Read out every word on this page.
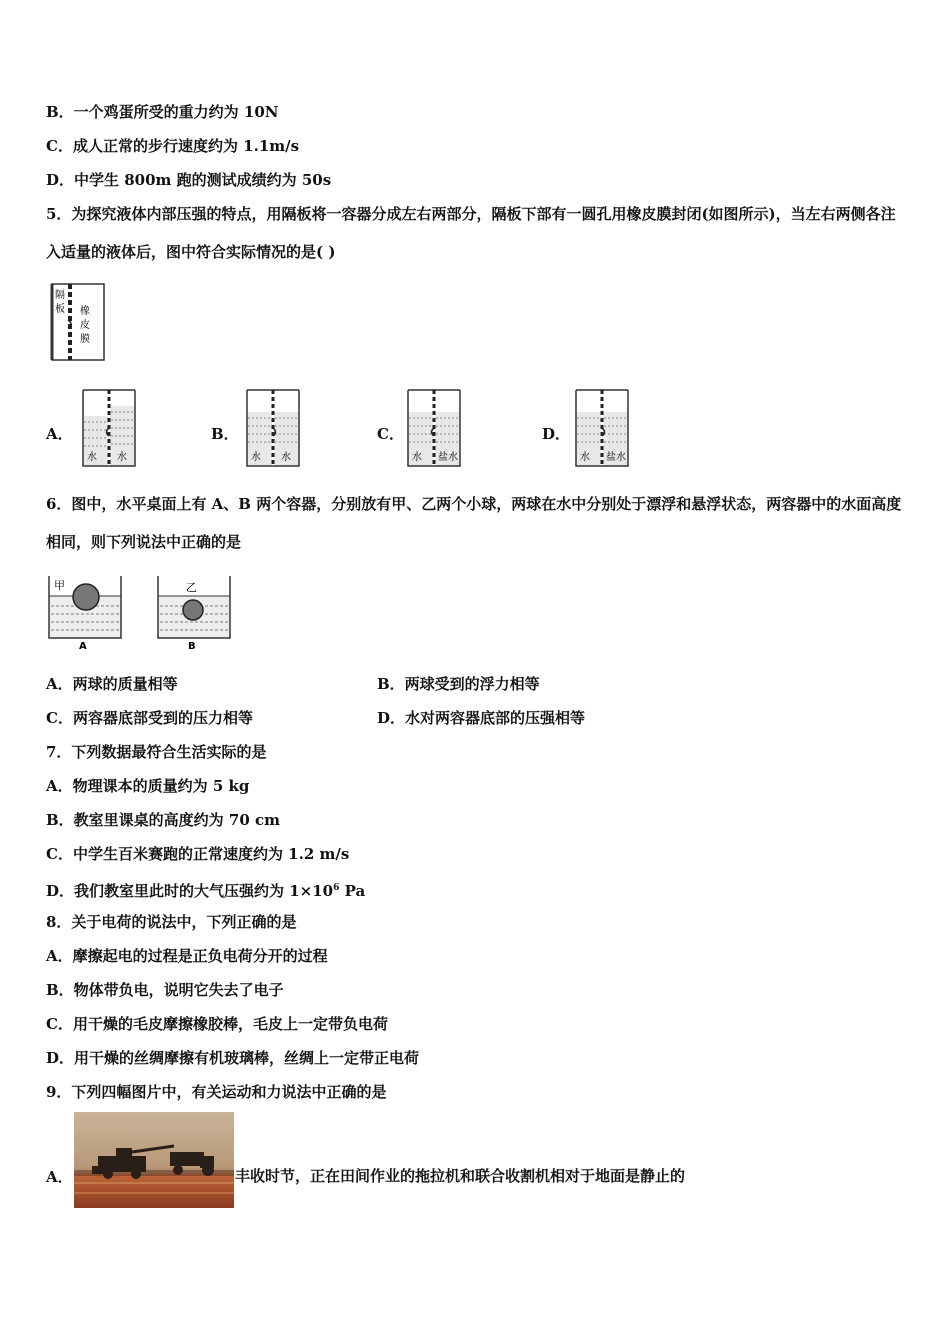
B．一个鸡蛋所受的重力约为 10N
C．成人正常的步行速度约为 1.1m/s
D．中学生 800m 跑的测试成绩约为 50s
5．为探究液体内部压强的特点，用隔板将一容器分成左右两部分，隔板下部有一圆孔用橡皮膜封闭(如图所示)，当左右两侧各注入适量的液体后，图中符合实际情况的是( )
隔
板 橡
皮
膜
A．
水 水
B．
水 水
C．
水 盐水
D．
水 盐水
6．图中，水平桌面上有 A、B 两个容器，分别放有甲、乙两个小球，两球在水中分别处于漂浮和悬浮状态，两容器中的水面高度相同，则下列说法中正确的是
甲
A
乙
B
A．两球的质量相等	B．两球受到的浮力相等
C．两容器底部受到的压力相等	D．水对两容器底部的压强相等
7．下列数据最符合生活实际的是
A．物理课本的质量约为 5 kg
B．教室里课桌的高度约为 70 cm
C．中学生百米赛跑的正常速度约为 1.2 m/s
D．我们教室里此时的大气压强约为 $1\times 10^6$ Pa
8．关于电荷的说法中，下列正确的是
A．摩擦起电的过程是正负电荷分开的过程
B．物体带负电，说明它失去了电子
C．用干燥的毛皮摩擦橡胶棒，毛皮上一定带负电荷
D．用干燥的丝绸摩擦有机玻璃棒，丝绸上一定带正电荷
9．下列四幅图片中，有关运动和力说法中正确的是
A．	丰收时节，正在田间作业的拖拉机和联合收割机相对于地面是静止的
